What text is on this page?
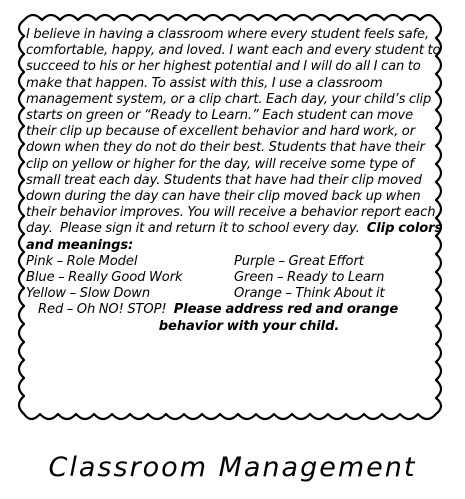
I believe in having a classroom where every student feels safe, comfortable, happy, and loved. I want each and every student to succeed to his or her highest potential and I will do all I can to make that happen. To assist with this, I use a classroom management system, or a clip chart. Each day, your child’s clip starts on green or “Ready to Learn.” Each student can move their clip up because of excellent behavior and hard work, or down when they do not do their best. Students that have their clip on yellow or higher for the day, will receive some type of small treat each day. Students that have had their clip moved down during the day can have their clip moved back up when their behavior improves. You will receive a behavior report each day.  Please sign it and return it to school every day. Clip colors and meanings:

Pink – Role Model	Purple – Great Effort
Blue – Really Good Work	Green – Ready to Learn
Yellow – Slow Down	Orange – Think About it
Red – Oh NO! STOP! Please address red and orange
behavior with your child.
Classroom Management
